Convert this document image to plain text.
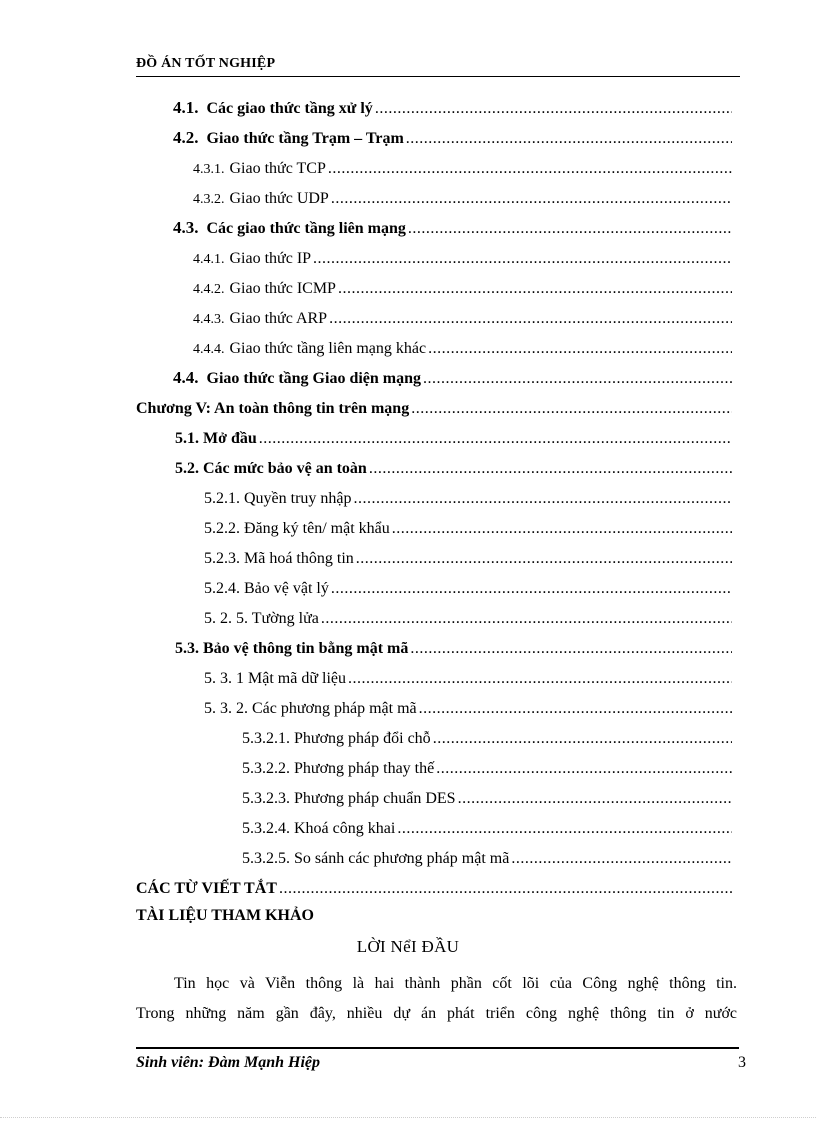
ĐỒ ÁN TỐT NGHIỆP
4.1. Các giao thức tầng xử lý
.....
4.2. Giao thức tầng Trạm – Trạm
.....
4.3.1. Giao thức TCP
.....
4.3.2. Giao thức UDP
.....
4.3. Các giao thức tầng liên mạng
.....
4.4.1. Giao thức IP
.....
4.4.2. Giao thức ICMP
.....
4.4.3. Giao thức ARP
.....
4.4.4. Giao thức tầng liên mạng khác
.....
4.4. Giao thức tầng Giao diện mạng
.....
Chương V: An toàn thông tin trên mạng
.....
5.1. Mở đầu
.....
5.2. Các mức bảo vệ an toàn
.....
5.2.1. Quyền truy nhập
.....
5.2.2. Đăng ký tên/ mật khẩu
.....
5.2.3. Mã hoá thông tin
.....
5.2.4. Bảo vệ vật lý
.....
5. 2. 5. Tường lửa
.....
5.3. Bảo vệ thông tin bằng mật mã
.....
5. 3. 1 Mật mã dữ liệu
.....
5. 3. 2. Các phương pháp mật mã
.....
5.3.2.1. Phương pháp đổi chỗ
.....
5.3.2.2. Phương pháp thay thế
.....
5.3.2.3. Phương pháp chuẩn DES
.....
5.3.2.4. Khoá công khai
.....
5.3.2.5. So sánh các phương pháp mật mã
.....
CÁC TỪ VIẾT TẮT
.....
TÀI LIỆU THAM KHẢO
LỜI NểI ĐẦU
Tin học và Viễn thông là hai thành phần cốt lõi của Công nghệ thông tin.
Trong những năm gần đây, nhiều dự án phát triển công nghệ thông tin ở nước
Sinh viên: Đàm Mạnh Hiệp	3
